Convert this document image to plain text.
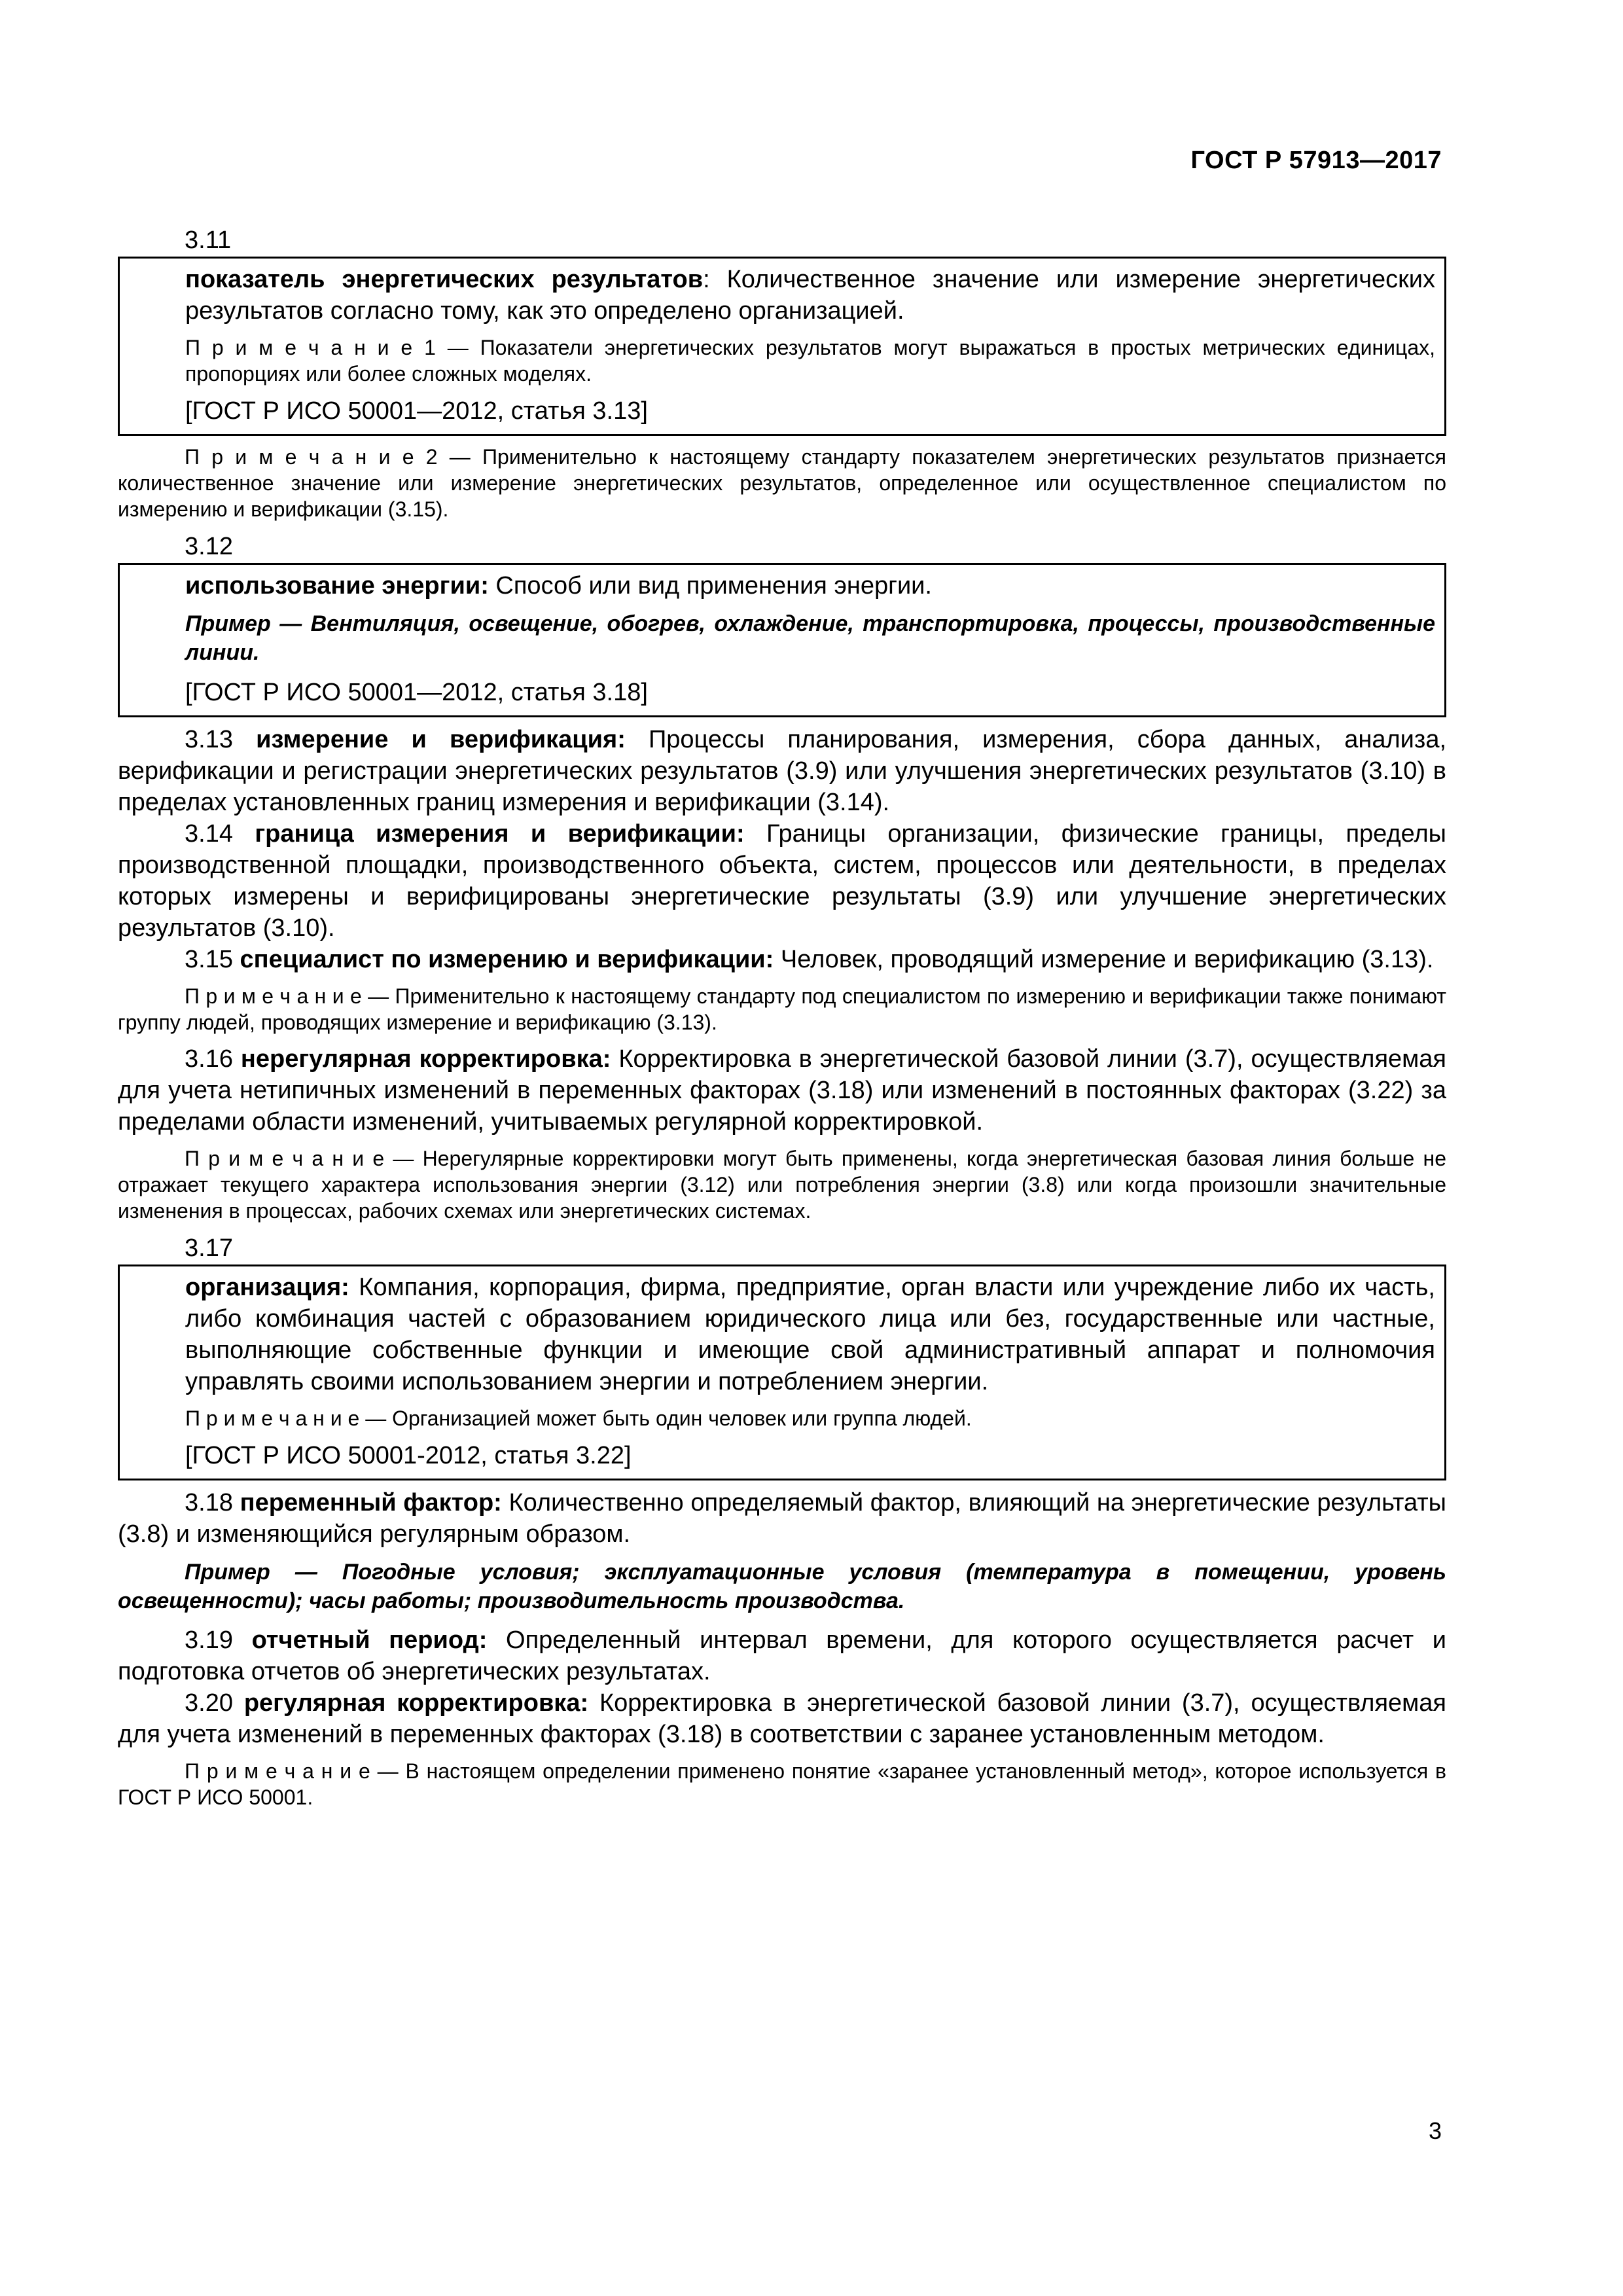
ГОСТ Р 57913—2017
3.11

показатель энергетических результатов: Количественное значение или измерение энергетических результатов согласно тому, как это определено организацией.

П р и м е ч а н и е 1 — Показатели энергетических результатов могут выражаться в простых метрических единицах, пропорциях или более сложных моделях.

[ГОСТ Р ИСО 50001—2012, статья 3.13]

П р и м е ч а н и е 2 — Применительно к настоящему стандарту показателем энергетических результатов признается количественное значение или измерение энергетических результатов, определенное или осуществленное специалистом по измерению и верификации (3.15).

3.12

использование энергии: Способ или вид применения энергии.

Пример — Вентиляция, освещение, обогрев, охлаждение, транспортировка, процессы, производственные линии.

[ГОСТ Р ИСО 50001—2012, статья 3.18]

3.13 измерение и верификация: Процессы планирования, измерения, сбора данных, анализа, верификации и регистрации энергетических результатов (3.9) или улучшения энергетических результатов (3.10) в пределах установленных границ измерения и верификации (3.14).

3.14 граница измерения и верификации: Границы организации, физические границы, пределы производственной площадки, производственного объекта, систем, процессов или деятельности, в пределах которых измерены и верифицированы энергетические результаты (3.9) или улучшение энергетических результатов (3.10).

3.15 специалист по измерению и верификации: Человек, проводящий измерение и верификацию (3.13).

П р и м е ч а н и е — Применительно к настоящему стандарту под специалистом по измерению и верификации также понимают группу людей, проводящих измерение и верификацию (3.13).

3.16 нерегулярная корректировка: Корректировка в энергетической базовой линии (3.7), осуществляемая для учета нетипичных изменений в переменных факторах (3.18) или изменений в постоянных факторах (3.22) за пределами области изменений, учитываемых регулярной корректировкой.

П р и м е ч а н и е — Нерегулярные корректировки могут быть применены, когда энергетическая базовая линия больше не отражает текущего характера использования энергии (3.12) или потребления энергии (3.8) или когда произошли значительные изменения в процессах, рабочих схемах или энергетических системах.

3.17

организация: Компания, корпорация, фирма, предприятие, орган власти или учреждение либо их часть, либо комбинация частей с образованием юридического лица или без, государственные или частные, выполняющие собственные функции и имеющие свой административный аппарат и полномочия управлять своими использованием энергии и потреблением энергии.

П р и м е ч а н и е — Организацией может быть один человек или группа людей.

[ГОСТ Р ИСО 50001-2012, статья 3.22]

3.18 переменный фактор: Количественно определяемый фактор, влияющий на энергетические результаты (3.8) и изменяющийся регулярным образом.

Пример — Погодные условия; эксплуатационные условия (температура в помещении, уровень освещенности); часы работы; производительность производства.

3.19 отчетный период: Определенный интервал времени, для которого осуществляется расчет и подготовка отчетов об энергетических результатах.

3.20 регулярная корректировка: Корректировка в энергетической базовой линии (3.7), осуществляемая для учета изменений в переменных факторах (3.18) в соответствии с заранее установленным методом.

П р и м е ч а н и е — В настоящем определении применено понятие «заранее установленный метод», которое используется в ГОСТ Р ИСО 50001.

3
